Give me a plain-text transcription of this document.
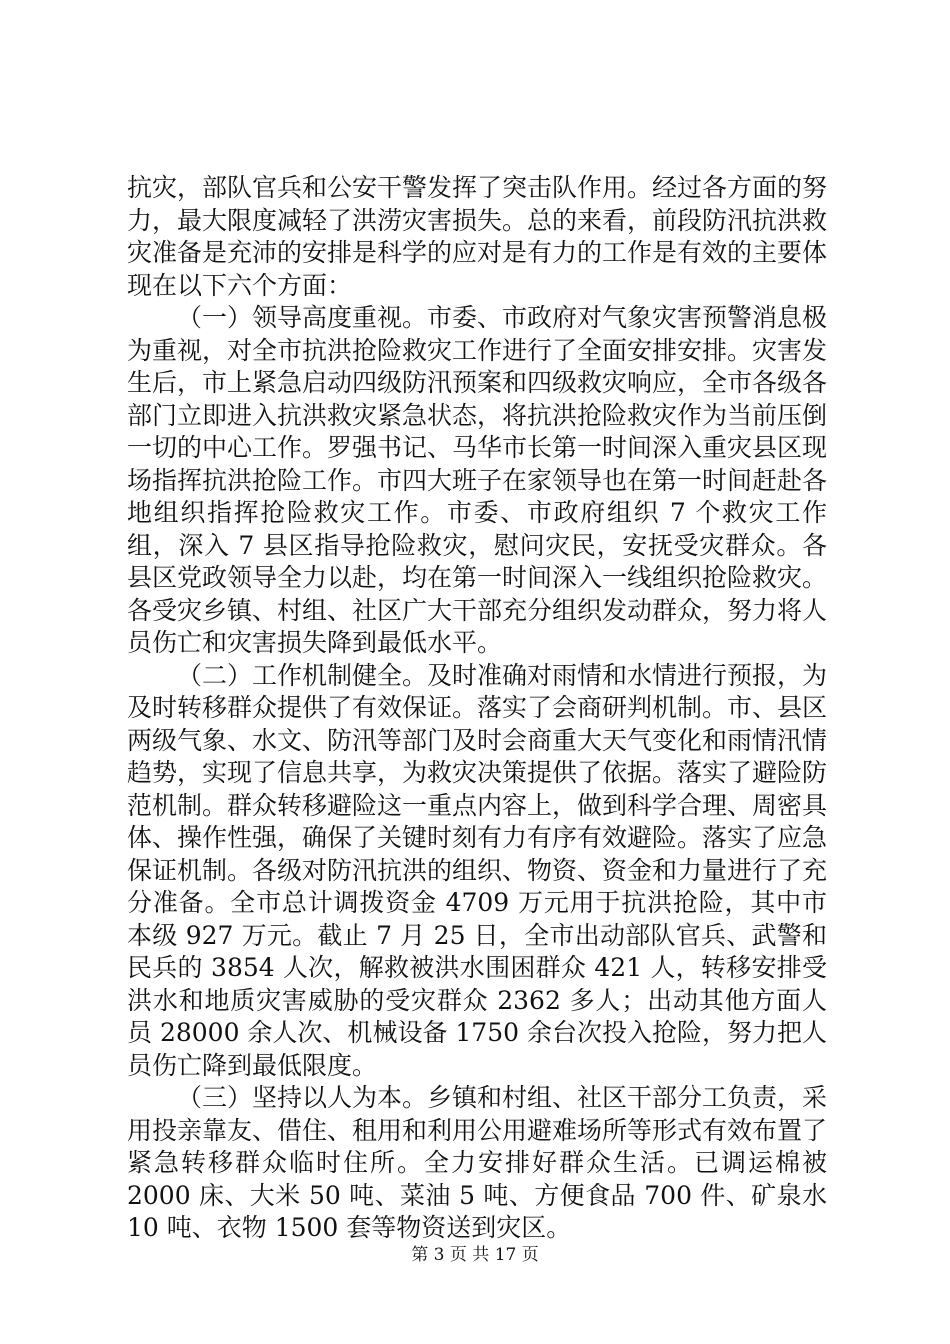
抗灾，部队官兵和公安干警发挥了突击队作用。经过各方面的努力，最大限度减轻了洪涝灾害损失。总的来看，前段防汛抗洪救灾准备是充沛的安排是科学的应对是有力的工作是有效的主要体现在以下六个方面：

（一）领导高度重视。市委、市政府对气象灾害预警消息极为重视，对全市抗洪抢险救灾工作进行了全面安排安排。灾害发生后，市上紧急启动四级防汛预案和四级救灾响应，全市各级各部门立即进入抗洪救灾紧急状态，将抗洪抢险救灾作为当前压倒一切的中心工作。罗强书记、马华市长第一时间深入重灾县区现场指挥抗洪抢险工作。市四大班子在家领导也在第一时间赶赴各地组织指挥抢险救灾工作。市委、市政府组织 7 个救灾工作组，深入 7 县区指导抢险救灾，慰问灾民，安抚受灾群众。各县区党政领导全力以赴，均在第一时间深入一线组织抢险救灾。各受灾乡镇、村组、社区广大干部充分组织发动群众，努力将人员伤亡和灾害损失降到最低水平。

（二）工作机制健全。及时准确对雨情和水情进行预报，为及时转移群众提供了有效保证。落实了会商研判机制。市、县区两级气象、水文、防汛等部门及时会商重大天气变化和雨情汛情趋势，实现了信息共享，为救灾决策提供了依据。落实了避险防范机制。群众转移避险这一重点内容上，做到科学合理、周密具体、操作性强，确保了关键时刻有力有序有效避险。落实了应急保证机制。各级对防汛抗洪的组织、物资、资金和力量进行了充分准备。全市总计调拨资金 4709 万元用于抗洪抢险，其中市本级 927 万元。截止 7 月 25 日，全市出动部队官兵、武警和民兵的 3854 人次，解救被洪水围困群众 421 人，转移安排受洪水和地质灾害威胁的受灾群众 2362 多人；出动其他方面人员 28000 余人次、机械设备 1750 余台次投入抢险，努力把人员伤亡降到最低限度。

（三）坚持以人为本。乡镇和村组、社区干部分工负责，采用投亲靠友、借住、租用和利用公用避难场所等形式有效布置了紧急转移群众临时住所。全力安排好群众生活。已调运棉被 2000 床、大米 50 吨、菜油 5 吨、方便食品 700 件、矿泉水 10 吨、衣物 1500 套等物资送到灾区。

第 3 页 共 17 页
